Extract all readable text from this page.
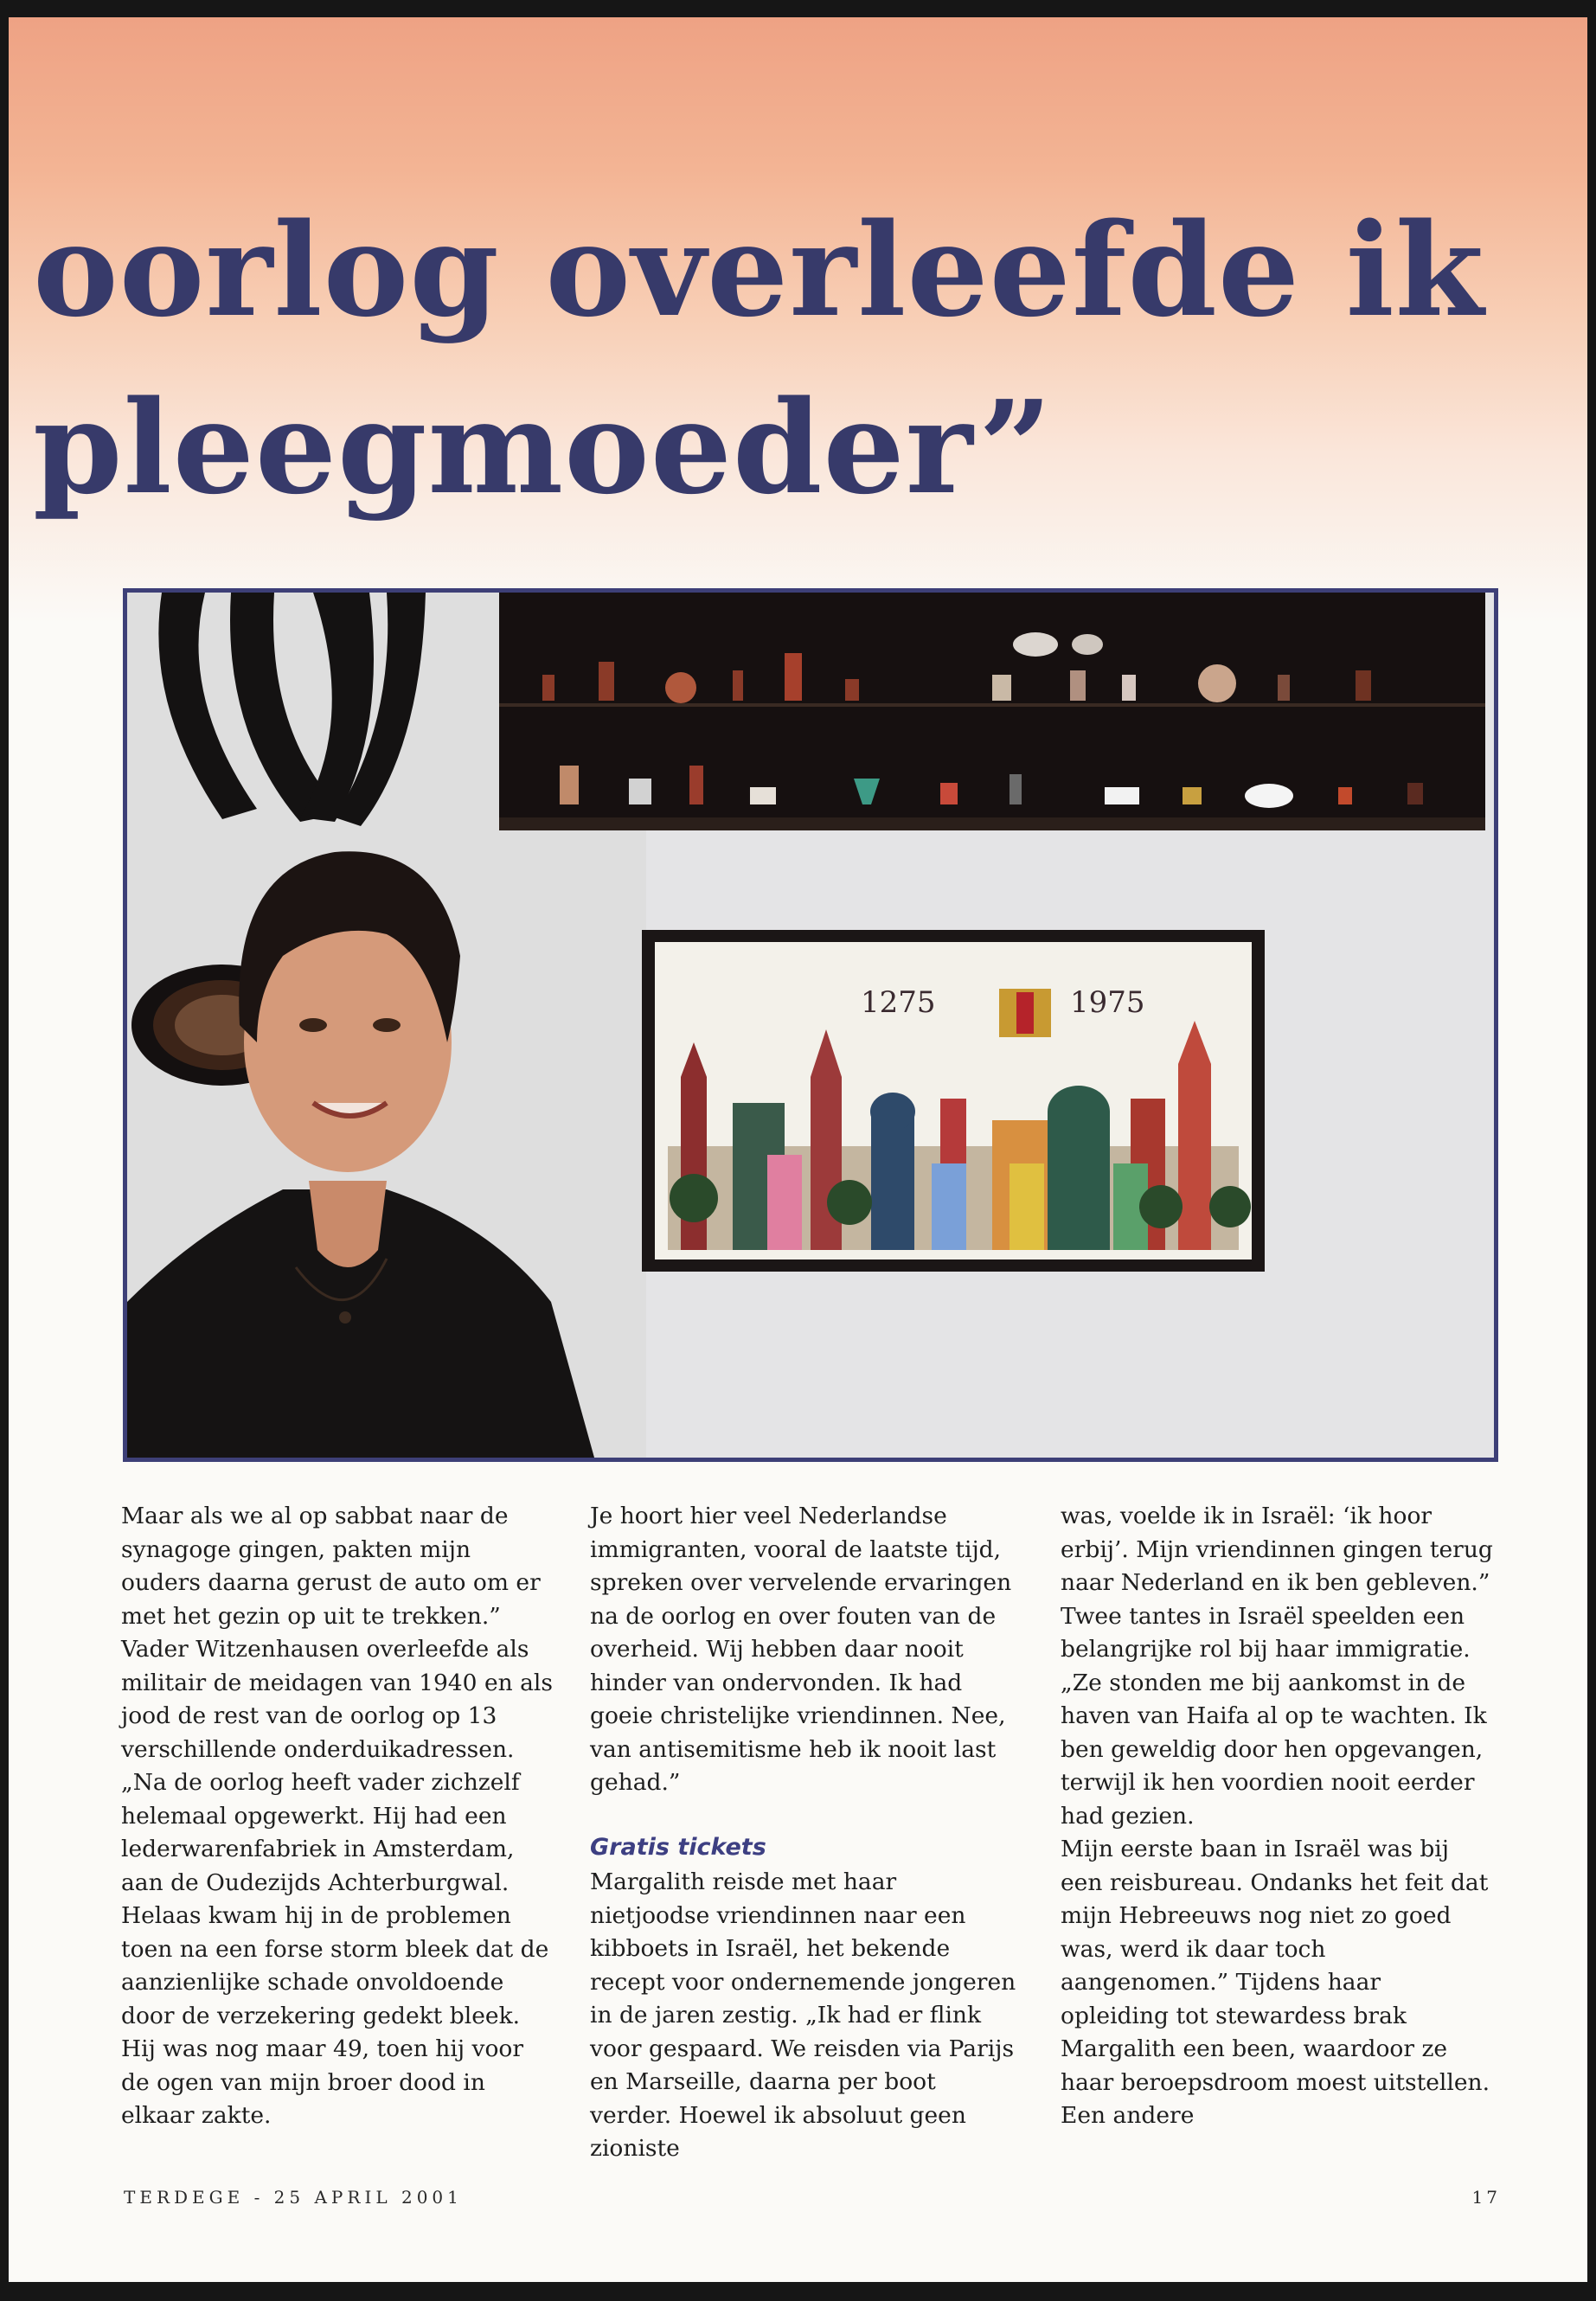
oorlog overleefde ik
pleegmoeder”
1275	1975

Maar als we al op sabbat naar de synagoge gingen, pakten mijn ouders daarna gerust de auto om er met het gezin op uit te trekken.”

Vader Witzenhausen overleefde als militair de meidagen van 1940 en als jood de rest van de oorlog op 13 verschillende onderduikadressen.

„Na de oorlog heeft vader zichzelf helemaal opgewerkt. Hij had een lederwarenfabriek in Amsterdam, aan de Oudezijds Achterburgwal. Helaas kwam hij in de problemen toen na een forse storm bleek dat de aanzienlijke schade onvoldoende door de verzekering gedekt bleek. Hij was nog maar 49, toen hij voor de ogen van mijn broer dood in elkaar zakte.

Je hoort hier veel Nederlandse immigranten, vooral de laatste tijd, spreken over vervelende ervaringen na de oorlog en over fouten van de overheid. Wij hebben daar nooit hinder van ondervonden. Ik had goeie christelijke vriendinnen. Nee, van antisemitisme heb ik nooit last gehad.”

Gratis tickets

Margalith reisde met haar nietjoodse vriendinnen naar een kibboets in Israël, het bekende recept voor ondernemende jongeren in de jaren zestig. „Ik had er flink voor gespaard. We reisden via Parijs en Marseille, daarna per boot verder. Hoewel ik absoluut geen zioniste

was, voelde ik in Israël: ‘ik hoor erbij’. Mijn vriendinnen gingen terug naar Nederland en ik ben gebleven.”

Twee tantes in Israël speelden een belangrijke rol bij haar immigratie. „Ze stonden me bij aankomst in de haven van Haifa al op te wachten. Ik ben geweldig door hen opgevangen, terwijl ik hen voordien nooit eerder had gezien.

Mijn eerste baan in Israël was bij een reisbureau. Ondanks het feit dat mijn Hebreeuws nog niet zo goed was, werd ik daar toch aangenomen.” Tijdens haar opleiding tot stewardess brak Margalith een been, waardoor ze haar beroepsdroom moest uitstellen. Een andere

TERDEGE - 25 APRIL 2001	17
